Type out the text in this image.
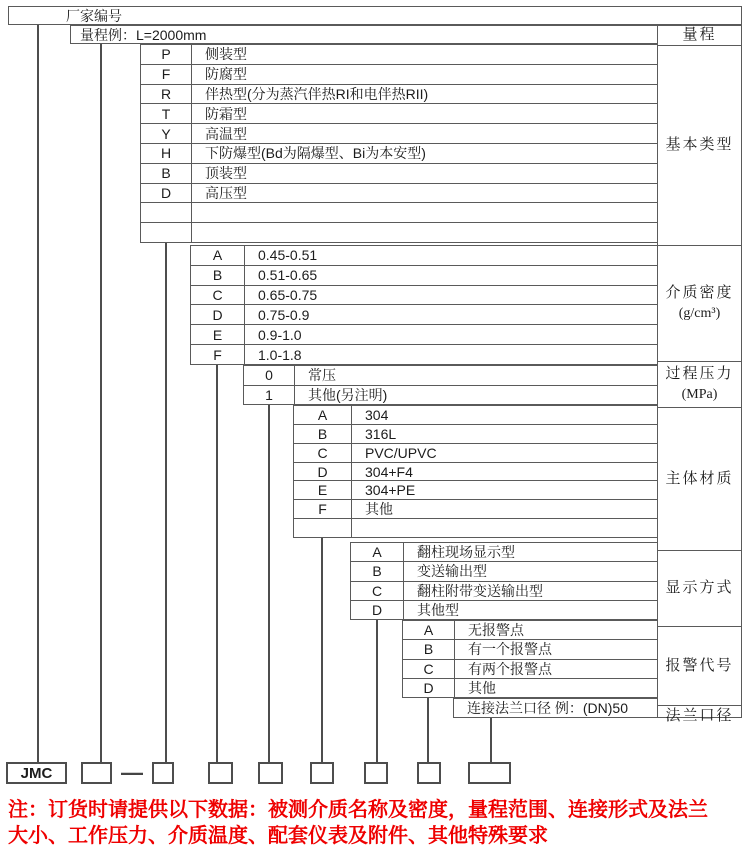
厂家编号
量程例：L=2000mm	量程
基本类型
介质密度
(g/cm³)
过程压力
(MPa)
主体材质
显示方式
报警代号
法兰口径
P	侧装型
F	防腐型
R	伴热型(分为蒸汽伴热RI和电伴热RII)
T	防霜型
Y	高温型
H	下防爆型(Bd为隔爆型、Bi为本安型)
B	顶装型
D	高压型
A	0.45-0.51
B	0.51-0.65
C	0.65-0.75
D	0.75-0.9
E	0.9-1.0
F	1.0-1.8
0	常压
1	其他(另注明)
A	304
B	316L
C	PVC/UPVC
D	304+F4
E	304+PE
F	其他
A	翻柱现场显示型
B	变送输出型
C	翻柱附带变送输出型
D	其他型
A	无报警点
B	有一个报警点
C	有两个报警点
D	其他
连接法兰口径 例：(DN)50
JMC	—
注：订货时请提供以下数据：被测介质名称及密度，量程范围、连接形式及法兰
大小、工作压力、介质温度、配套仪表及附件、其他特殊要求
